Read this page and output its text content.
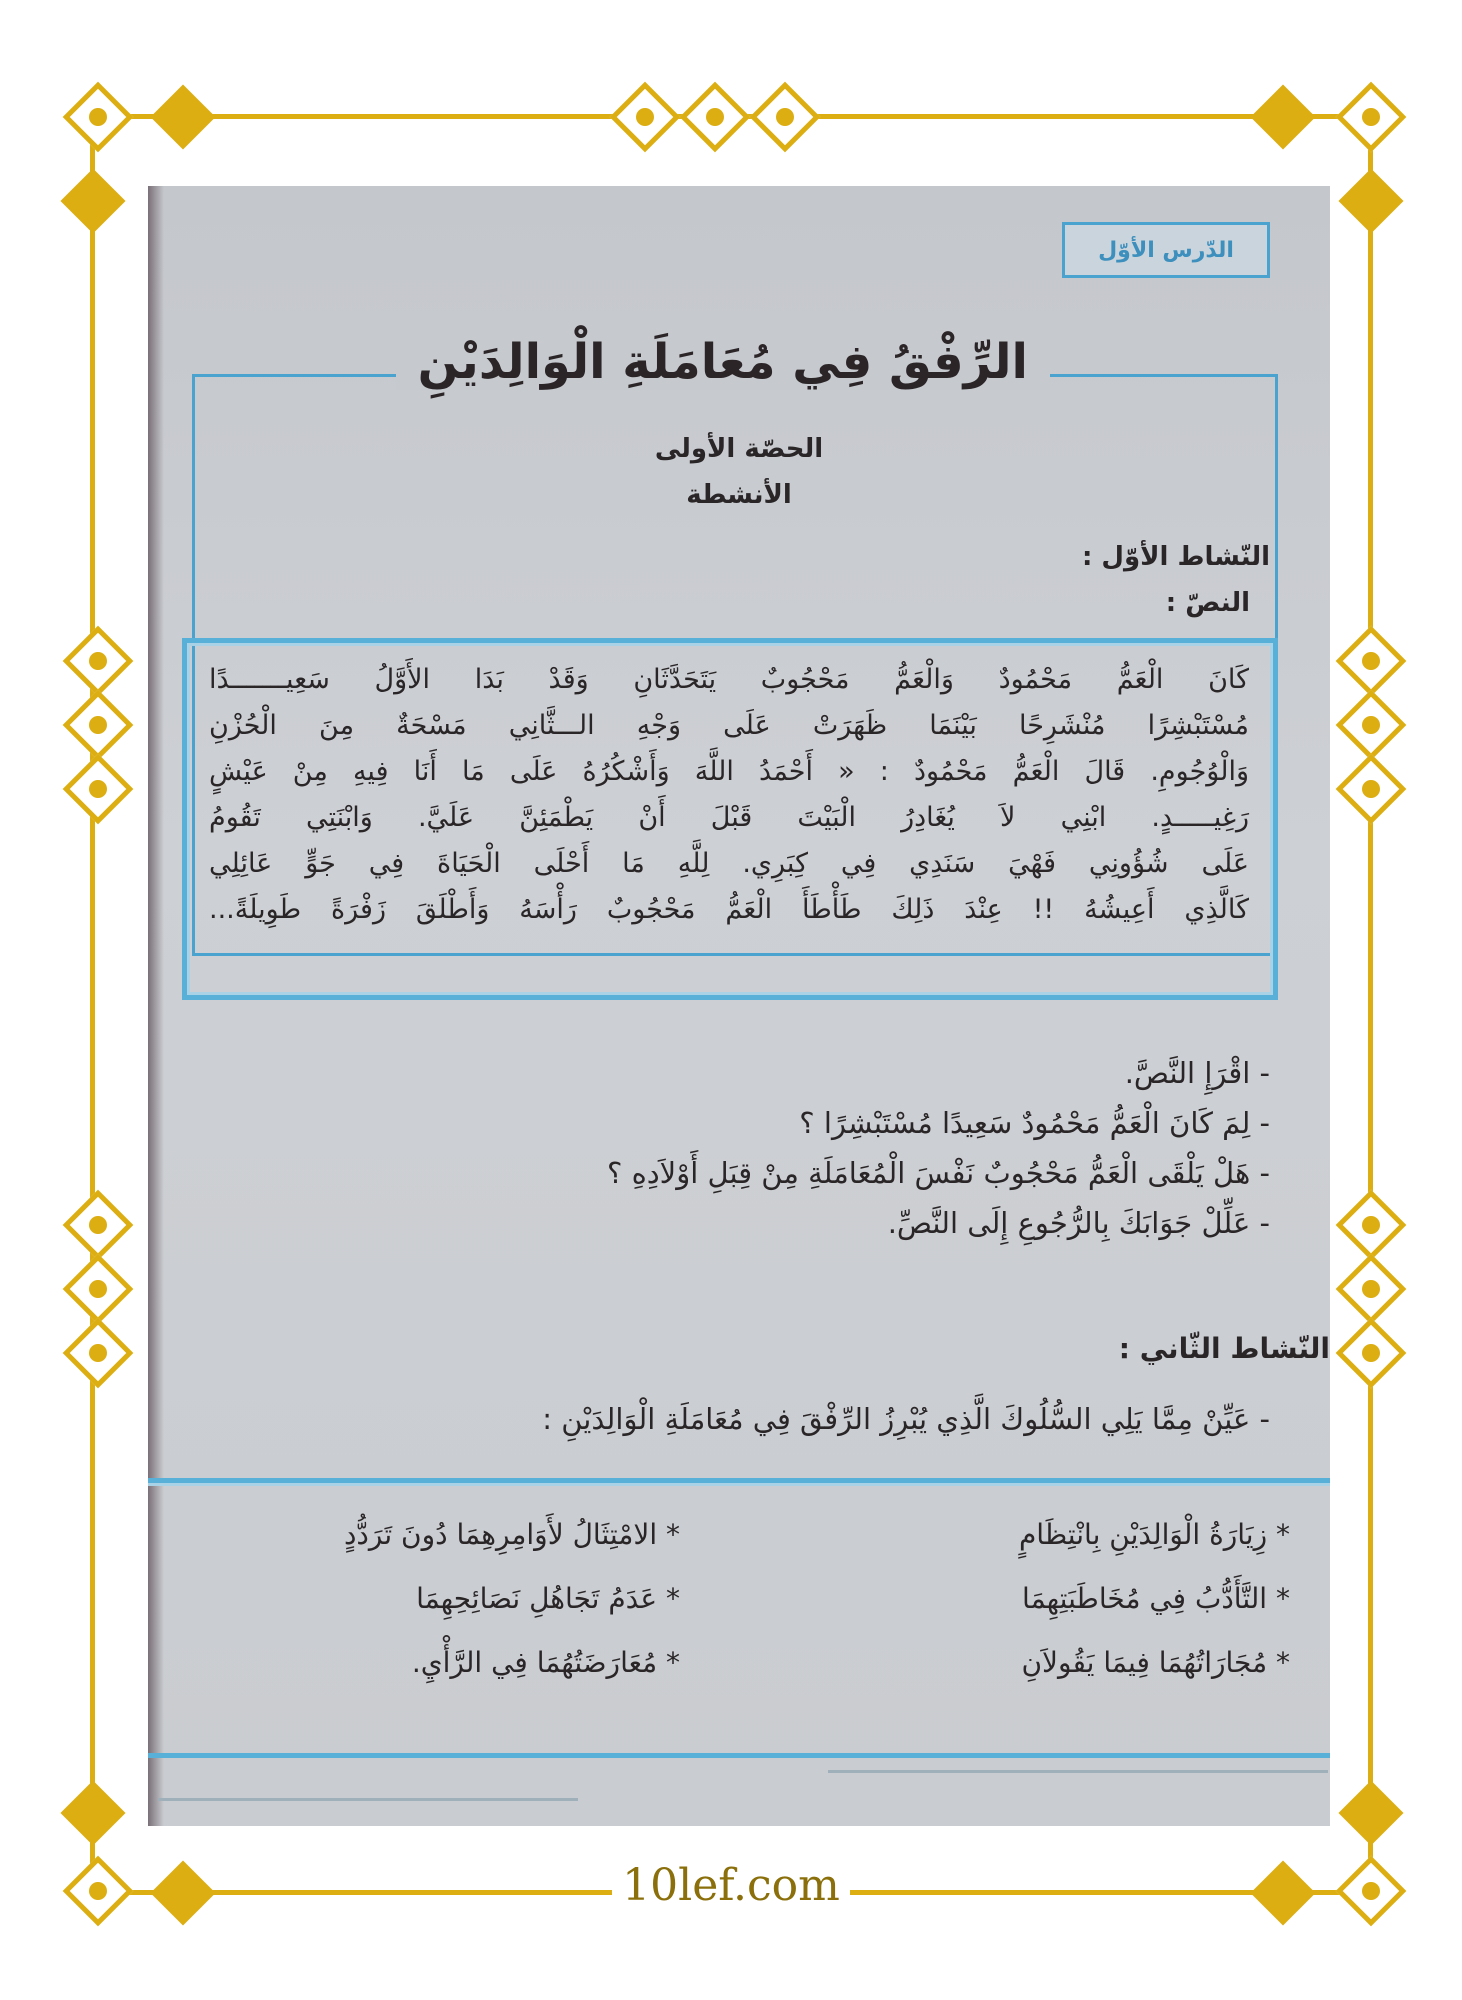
الدّرس الأوّل
الرِّفْقُ فِي مُعَامَلَةِ الْوَالِدَيْنِ
الحصّة الأولى
الأنشطة
النّشاط الأوّل :
النصّ :

كَانَ الْعَمُّ مَحْمُودٌ وَالْعَمُّ مَحْجُوبٌ يَتَحَدَّثَانِ وَقَدْ بَدَا الأَوَّلُ سَعِيـــــــدًا

مُسْتَبْشِرًا مُنْشَرِحًا بَيْنَمَا ظَهَرَتْ عَلَى وَجْهِ الـــثَّانِي مَسْحَةٌ مِنَ الْحُزْنِ

وَالْوُجُومِ. قَالَ الْعَمُّ مَحْمُودٌ : « أَحْمَدُ اللَّهَ وَأَشْكُرُهُ عَلَى مَا أَنَا فِيهِ مِنْ عَيْشٍ

رَغِيـــــدٍ. ابْنِي لاَ يُغَادِرُ الْبَيْتَ قَبْلَ أَنْ يَطْمَئِنَّ عَلَيَّ. وَابْنَتِي تَقُومُ

عَلَى شُؤُونِي فَهْيَ سَنَدِي فِي كِبَرِي. لِلَّهِ مَا أَحْلَى الْحَيَاةَ فِي جَوٍّ عَائِلِي

كَالَّذِي أَعِيشُهُ !! عِنْدَ ذَلِكَ طَأْطَأَ الْعَمُّ مَحْجُوبٌ رَأْسَهُ وَأَطْلَقَ زَفْرَةً طَوِيلَةً...

- اقْرَإِ النَّصَّ.

- لِمَ كَانَ الْعَمُّ مَحْمُودٌ سَعِيدًا مُسْتَبْشِرًا ؟

- هَلْ يَلْقَى الْعَمُّ مَحْجُوبٌ نَفْسَ الْمُعَامَلَةِ مِنْ قِبَلِ أَوْلاَدِهِ ؟

- عَلِّلْ جَوَابَكَ بِالرُّجُوعِ إِلَى النَّصِّ.

النّشاط الثّاني :
- عَيِّنْ مِمَّا يَلِي السُّلُوكَ الَّذِي يُبْرِزُ الرِّفْقَ فِي مُعَامَلَةِ الْوَالِدَيْنِ :

* زِيَارَةُ الْوَالِدَيْنِ بِانْتِظَامٍ

* التَّأَدُّبُ فِي مُخَاطَبَتِهِمَا

* مُجَارَاتُهُمَا فِيمَا يَقُولاَنِ

* الامْتِثَالُ لأَوَامِرِهِمَا دُونَ تَرَدُّدٍ

* عَدَمُ تَجَاهُلِ نَصَائِحِهِمَا

* مُعَارَضَتُهُمَا فِي الرَّأْيِ.

10lef.com
